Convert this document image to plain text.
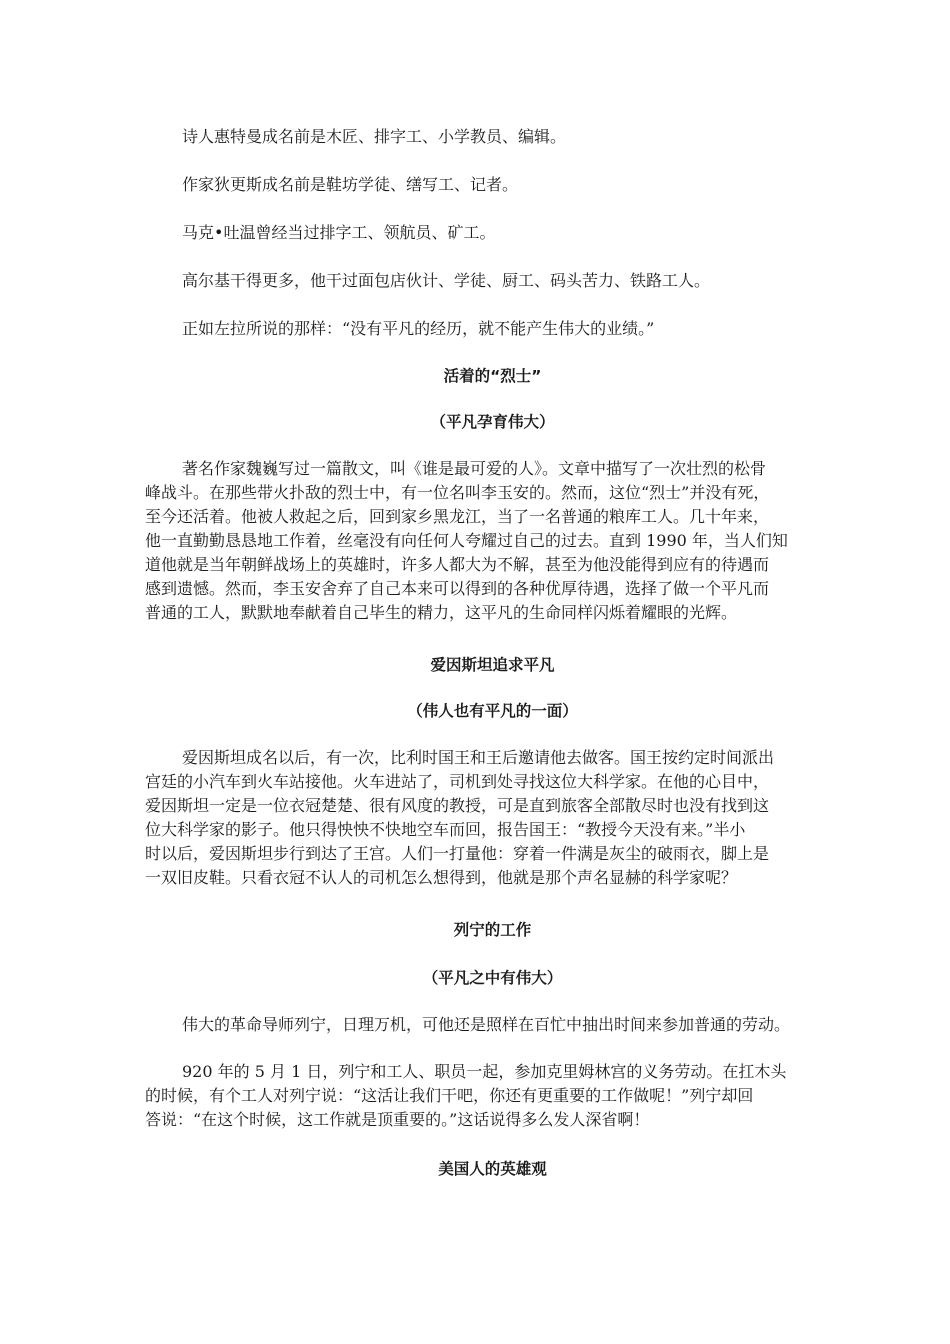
诗人惠特曼成名前是木匠、排字工、小学教员、编辑。

作家狄更斯成名前是鞋坊学徒、缮写工、记者。

马克•吐温曾经当过排字工、领航员、矿工。

高尔基干得更多，他干过面包店伙计、学徒、厨工、码头苦力、铁路工人。

正如左拉所说的那样：“没有平凡的经历，就不能产生伟大的业绩。”

活着的“烈士”
（平凡孕育伟大）
著名作家魏巍写过一篇散文，叫《谁是最可爱的人》。文章中描写了一次壮烈的松骨
峰战斗。在那些带火扑敌的烈士中，有一位名叫李玉安的。然而，这位“烈士”并没有死，
至今还活着。他被人救起之后，回到家乡黑龙江，当了一名普通的粮库工人。几十年来，
他一直勤勤恳恳地工作着，丝毫没有向任何人夸耀过自己的过去。直到 1990 年，当人们知
道他就是当年朝鲜战场上的英雄时，许多人都大为不解，甚至为他没能得到应有的待遇而
感到遗憾。然而，李玉安舍弃了自己本来可以得到的各种优厚待遇，选择了做一个平凡而
普通的工人，默默地奉献着自己毕生的精力，这平凡的生命同样闪烁着耀眼的光辉。
爱因斯坦追求平凡
（伟人也有平凡的一面）
爱因斯坦成名以后，有一次，比利时国王和王后邀请他去做客。国王按约定时间派出
宫廷的小汽车到火车站接他。火车进站了，司机到处寻找这位大科学家。在他的心目中，
爱因斯坦一定是一位衣冠楚楚、很有风度的教授，可是直到旅客全部散尽时也没有找到这
位大科学家的影子。他只得怏怏不快地空车而回，报告国王：“教授今天没有来。”半小
时以后，爱因斯坦步行到达了王宫。人们一打量他：穿着一件满是灰尘的破雨衣，脚上是
一双旧皮鞋。只看衣冠不认人的司机怎么想得到，他就是那个声名显赫的科学家呢？
列宁的工作
（平凡之中有伟大）

伟大的革命导师列宁，日理万机，可他还是照样在百忙中抽出时间来参加普通的劳动。

920 年的 5 月 1 日，列宁和工人、职员一起，参加克里姆林宫的义务劳动。在扛木头
的时候，有个工人对列宁说：“这活让我们干吧，你还有更重要的工作做呢！”列宁却回
答说：“在这个时候，这工作就是顶重要的。”这话说得多么发人深省啊！
美国人的英雄观
